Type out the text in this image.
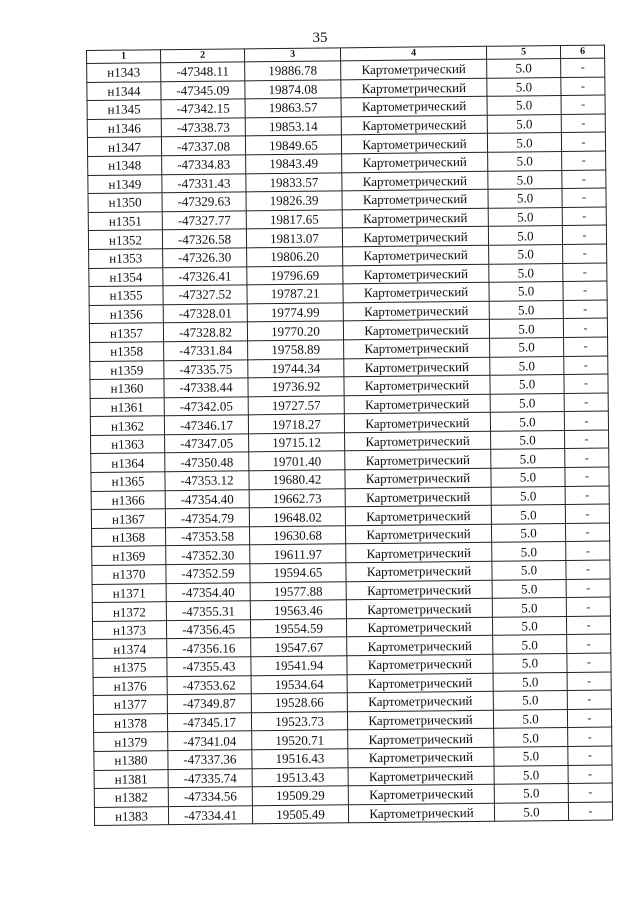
35
1	2	3	4	5	6
н1343	-47348.11	19886.78	Картометрический	5.0	-
н1344	-47345.09	19874.08	Картометрический	5.0	-
н1345	-47342.15	19863.57	Картометрический	5.0	-
н1346	-47338.73	19853.14	Картометрический	5.0	-
н1347	-47337.08	19849.65	Картометрический	5.0	-
н1348	-47334.83	19843.49	Картометрический	5.0	-
н1349	-47331.43	19833.57	Картометрический	5.0	-
н1350	-47329.63	19826.39	Картометрический	5.0	-
н1351	-47327.77	19817.65	Картометрический	5.0	-
н1352	-47326.58	19813.07	Картометрический	5.0	-
н1353	-47326.30	19806.20	Картометрический	5.0	-
н1354	-47326.41	19796.69	Картометрический	5.0	-
н1355	-47327.52	19787.21	Картометрический	5.0	-
н1356	-47328.01	19774.99	Картометрический	5.0	-
н1357	-47328.82	19770.20	Картометрический	5.0	-
н1358	-47331.84	19758.89	Картометрический	5.0	-
н1359	-47335.75	19744.34	Картометрический	5.0	-
н1360	-47338.44	19736.92	Картометрический	5.0	-
н1361	-47342.05	19727.57	Картометрический	5.0	-
н1362	-47346.17	19718.27	Картометрический	5.0	-
н1363	-47347.05	19715.12	Картометрический	5.0	-
н1364	-47350.48	19701.40	Картометрический	5.0	-
н1365	-47353.12	19680.42	Картометрический	5.0	-
н1366	-47354.40	19662.73	Картометрический	5.0	-
н1367	-47354.79	19648.02	Картометрический	5.0	-
н1368	-47353.58	19630.68	Картометрический	5.0	-
н1369	-47352.30	19611.97	Картометрический	5.0	-
н1370	-47352.59	19594.65	Картометрический	5.0	-
н1371	-47354.40	19577.88	Картометрический	5.0	-
н1372	-47355.31	19563.46	Картометрический	5.0	-
н1373	-47356.45	19554.59	Картометрический	5.0	-
н1374	-47356.16	19547.67	Картометрический	5.0	-
н1375	-47355.43	19541.94	Картометрический	5.0	-
н1376	-47353.62	19534.64	Картометрический	5.0	-
н1377	-47349.87	19528.66	Картометрический	5.0	-
н1378	-47345.17	19523.73	Картометрический	5.0	-
н1379	-47341.04	19520.71	Картометрический	5.0	-
н1380	-47337.36	19516.43	Картометрический	5.0	-
н1381	-47335.74	19513.43	Картометрический	5.0	-
н1382	-47334.56	19509.29	Картометрический	5.0	-
н1383	-47334.41	19505.49	Картометрический	5.0	-
